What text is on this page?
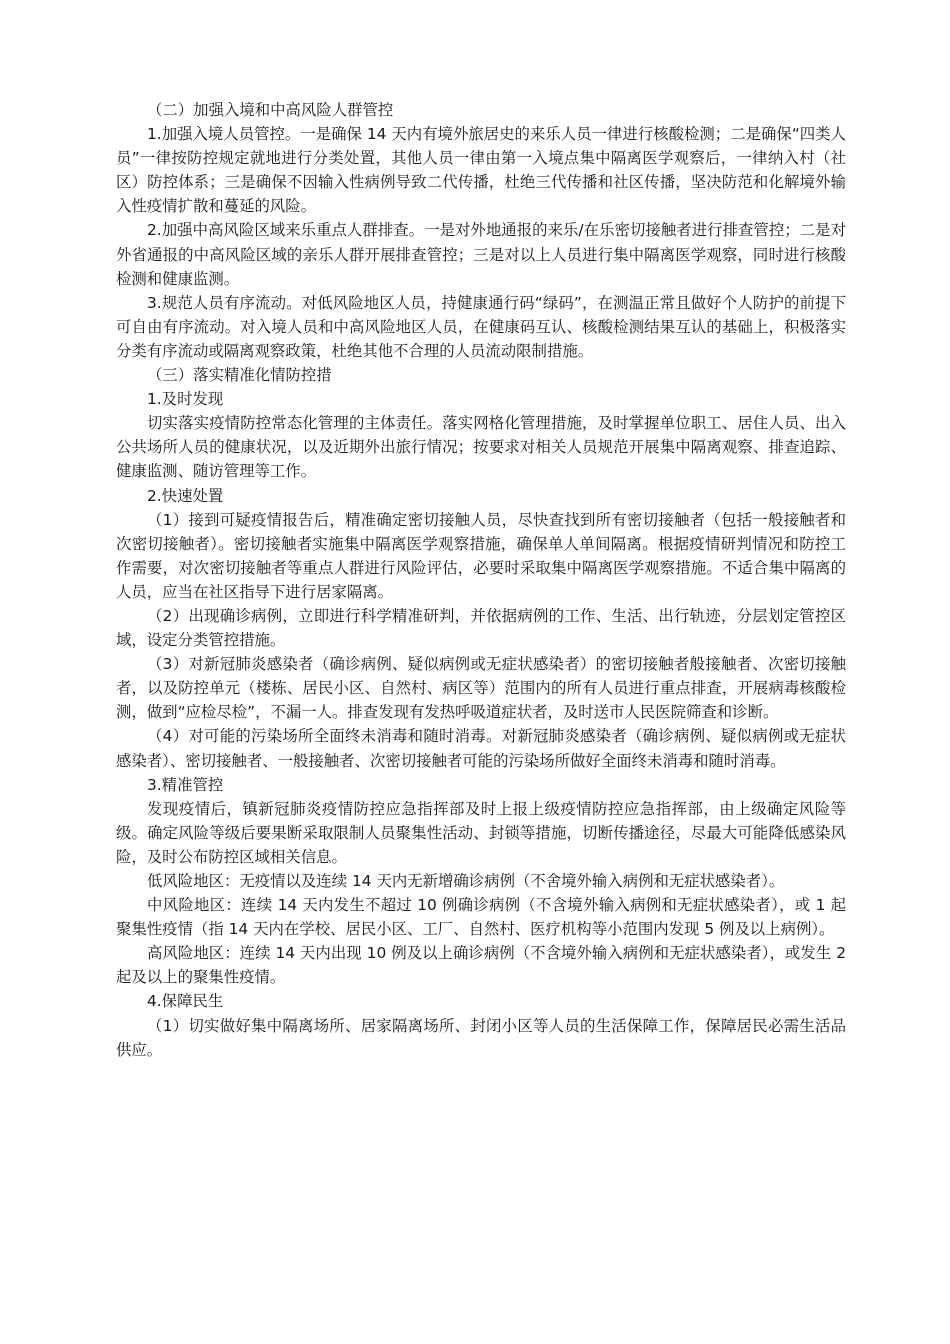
（二）加强入境和中高风险人群管控

1.加强入境人员管控。一是确保 14 天内有境外旅居史的来乐人员一律进行核酸检测；二是确保“四类人员”一律按防控规定就地进行分类处置，其他人员一律由第一入境点集中隔离医学观察后，一律纳入村（社区）防控体系；三是确保不因输入性病例导致二代传播，杜绝三代传播和社区传播，坚决防范和化解境外输入性疫情扩散和蔓延的风险。

2.加强中高风险区域来乐重点人群排查。一是对外地通报的来乐/在乐密切接触者进行排查管控；二是对外省通报的中高风险区域的亲乐人群开展排查管控；三是对以上人员进行集中隔离医学观察，同时进行核酸检测和健康监测。

3.规范人员有序流动。对低风险地区人员，持健康通行码“绿码”，在测温正常且做好个人防护的前提下可自由有序流动。对入境人员和中高风险地区人员，在健康码互认、核酸检测结果互认的基础上，积极落实分类有序流动或隔离观察政策，杜绝其他不合理的人员流动限制措施。

（三）落实精准化情防控措

1.及时发现

切实落实疫情防控常态化管理的主体责任。落实网格化管理措施，及时掌握单位职工、居住人员、出入公共场所人员的健康状况，以及近期外出旅行情况；按要求对相关人员规范开展集中隔离观察、排查追踪、健康监测、随访管理等工作。

2.快速处置

（1）接到可疑疫情报告后，精准确定密切接触人员，尽快查找到所有密切接触者（包括一般接触者和次密切接触者）。密切接触者实施集中隔离医学观察措施，确保单人单间隔离。根据疫情研判情况和防控工作需要，对次密切接触者等重点人群进行风险评估，必要时采取集中隔离医学观察措施。不适合集中隔离的人员，应当在社区指导下进行居家隔离。

（2）出现确诊病例，立即进行科学精准研判，并依据病例的工作、生活、出行轨迹，分层划定管控区域，设定分类管控措施。

（3）对新冠肺炎感染者（确诊病例、疑似病例或无症状感染者）的密切接触者般接触者、次密切接触者，以及防控单元（楼栋、居民小区、自然村、病区等）范围内的所有人员进行重点排查，开展病毒核酸检测，做到“应检尽检”，不漏一人。排查发现有发热呼吸道症状者，及时送市人民医院筛查和诊断。

（4）对可能的污染场所全面终未消毒和随时消毒。对新冠肺炎感染者（确诊病例、疑似病例或无症状感染者）、密切接触者、一般接触者、次密切接触者可能的污染场所做好全面终未消毒和随时消毒。

3.精准管控

发现疫情后，镇新冠肺炎疫情防控应急指挥部及时上报上级疫情防控应急指挥部，由上级确定风险等级。确定风险等级后要果断采取限制人员聚集性活动、封锁等措施，切断传播途径，尽最大可能降低感染风险，及时公布防控区域相关信息。

低风险地区：无疫情以及连续 14 天内无新增确诊病例（不舍境外输入病例和无症状感染者）。

中风险地区：连续 14 天内发生不超过 10 例确诊病例（不含境外输入病例和无症状感染者），或 1 起聚集性疫情（指 14 天内在学校、居民小区、工厂、自然村、医疗机构等小范围内发现 5 例及以上病例）。

高风险地区：连续 14 天内出现 10 例及以上确诊病例（不含境外输入病例和无症状感染者），或发生 2 起及以上的聚集性疫情。

4.保障民生

（1）切实做好集中隔离场所、居家隔离场所、封闭小区等人员的生活保障工作，保障居民必需生活品供应。
